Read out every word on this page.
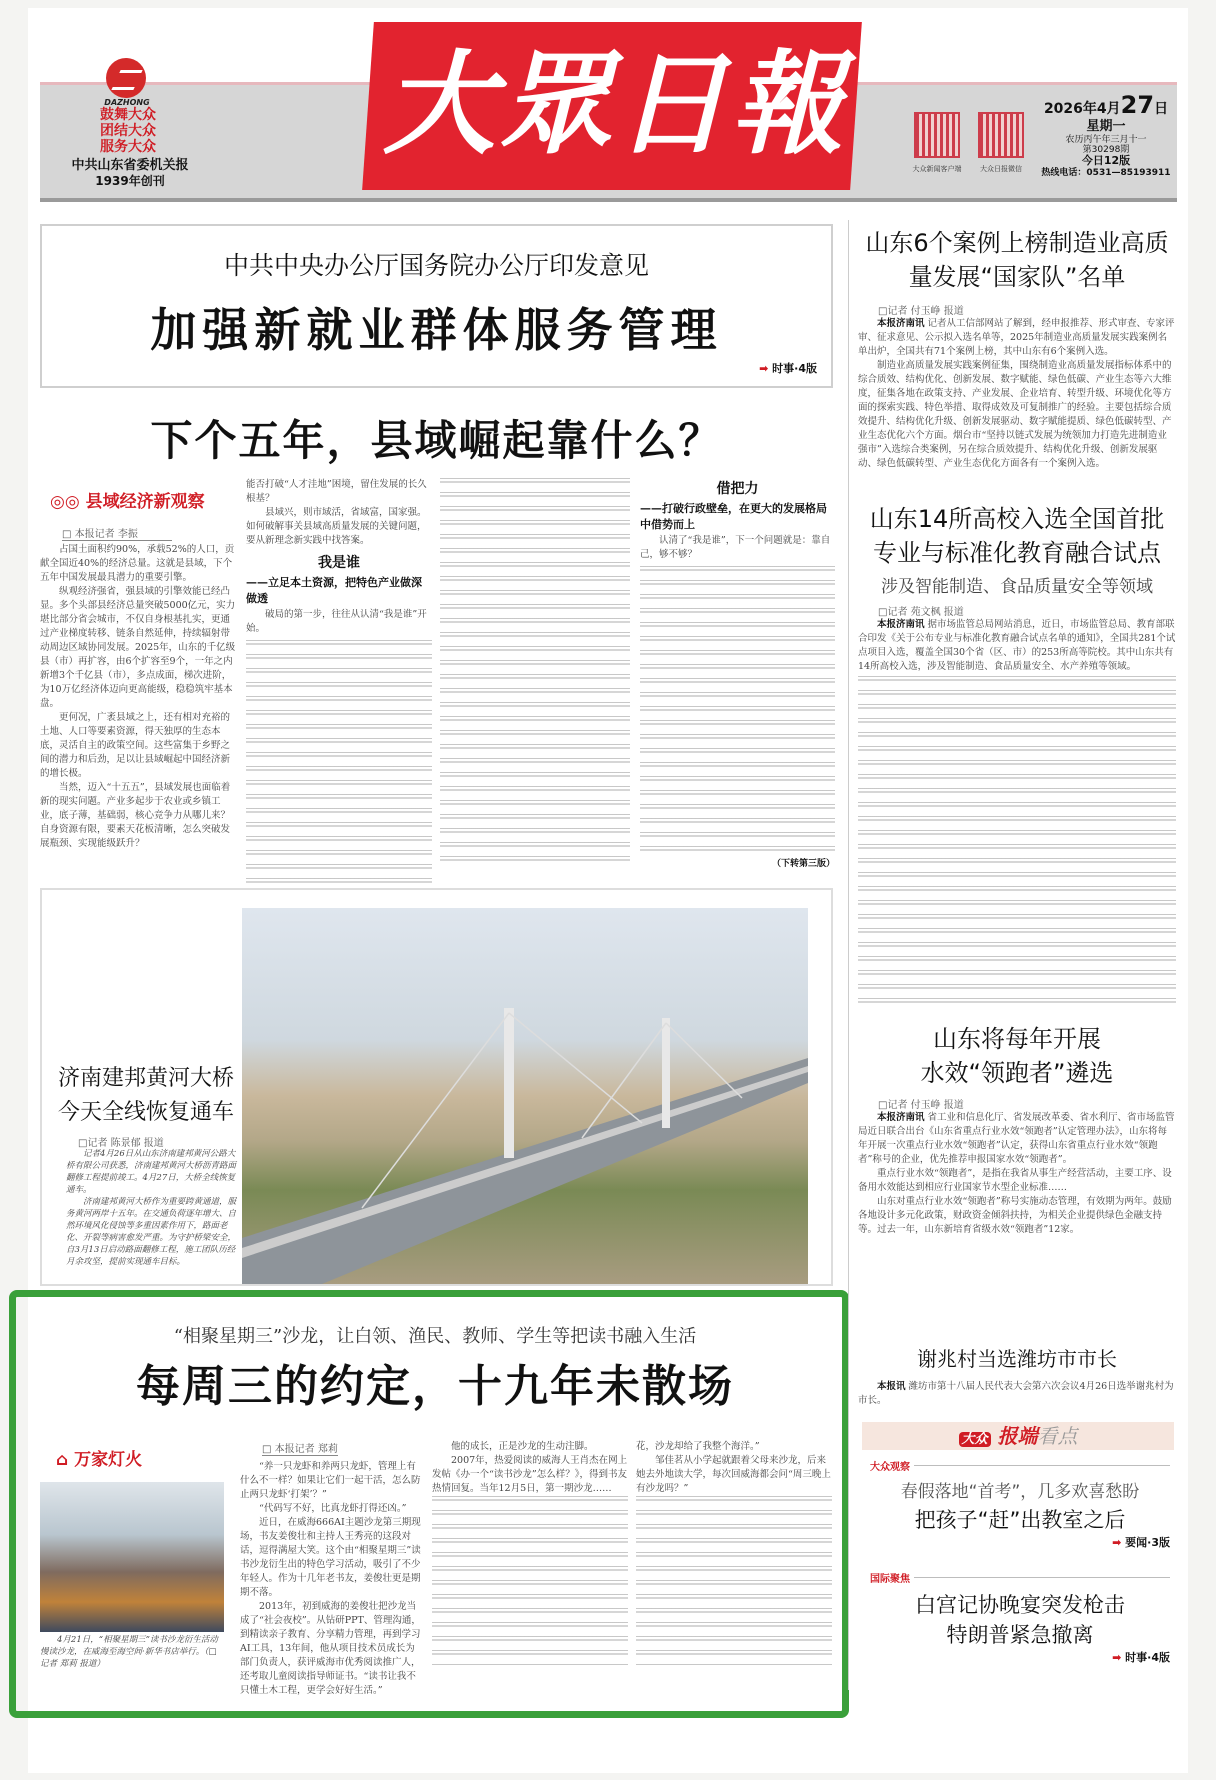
DAZHONG
鼓舞大众
团结大众
服务大众
中共山东省委机关报
1939年创刊
大眾日報	大众新闻客户端	大众日报微信
2026年4月27日
星期一
农历丙午年三月十一
第30298期
今日12版
热线电话：0531—85193911
中共中央办公厅国务院办公厅印发意见
加强新就业群体服务管理
➡ 时事·4版
下个五年，县域崛起靠什么？
◎◎ 县域经济新观察
□ 本报记者 李振

占国土面积约90%，承载52%的人口，贡献全国近40%的经济总量。这就是县域，下个五年中国发展最具潜力的重要引擎。

纵观经济强省，强县域的引擎效能已经凸显。多个头部县经济总量突破5000亿元，实力堪比部分省会城市，不仅自身根基扎实，更通过产业梯度转移、链条自然延伸，持续辐射带动周边区域协同发展。2025年，山东的千亿级县（市）再扩容，由6个扩容至9个，一年之内新增3个千亿县（市），多点成面，梯次进阶，为10万亿经济体迈向更高能级，稳稳筑牢基本盘。

更何况，广袤县域之上，还有相对充裕的土地、人口等要素资源，得天独厚的生态本底，灵活自主的政策空间。这些富集于乡野之间的潜力和后劲，足以让县域崛起中国经济新的增长极。

当然，迈入“十五五”，县域发展也面临着新的现实问题。产业多起步于农业或乡镇工业，底子薄，基础弱，核心竞争力从哪儿来？自身资源有限，要素天花板清晰，怎么突破发展瓶颈、实现能级跃升？

能否打破“人才洼地”困境，留住发展的长久根基？

县域兴，则市域活，省域富，国家强。如何破解事关县域高质量发展的关键问题，要从新理念新实践中找答案。

我是谁
——立足本土资源，把特色产业做深做透

破局的第一步，往往从认清“我是谁”开始。

借把力
——打破行政壁垒，在更大的发展格局中借势而上

认清了“我是谁”，下一个问题就是：靠自己，够不够？

（下转第三版）
济南建邦黄河大桥
今天全线恢复通车
□记者 陈景郁 报道

记者4月26日从山东济南建邦黄河公路大桥有限公司获悉，济南建邦黄河大桥沥青路面翻修工程提前竣工。4月27日，大桥全线恢复通车。

济南建邦黄河大桥作为重要跨黄通道，服务黄河两岸十五年。在交通负荷逐年增大、自然环境风化侵蚀等多重因素作用下，路面老化、开裂等病害愈发严重。为守护桥梁安全，自3月13日启动路面翻修工程，施工团队历经月余攻坚，提前实现通车目标。

“相聚星期三”沙龙，让白领、渔民、教师、学生等把读书融入生活
每周三的约定，十九年未散场
⌂ 万家灯火
4月21日，“相聚星期三”读书沙龙衍生活动慢读沙龙，在威海至海空间·新华书店举行。（□记者 郑莉 报道）
□ 本报记者 郑莉

“养一只龙虾和养两只龙虾，管理上有什么不一样？如果让它们一起干活，怎么防止两只龙虾‘打架’？”

“代码写不好，比真龙虾打得还凶。”

近日，在威海666AI主题沙龙第三期现场，书友姜俊壮和主持人王秀亮的这段对话，逗得满屋大笑。这个由“相聚星期三”读书沙龙衍生出的特色学习活动，吸引了不少年轻人。作为十几年老书友，姜俊壮更是期期不落。

2013年，初到威海的姜俊壮把沙龙当成了“社会夜校”。从钻研PPT、管理沟通，到精读亲子教育、分享精力管理，再到学习AI工具，13年间，他从项目技术员成长为部门负责人，获评威海市优秀阅读推广人，还考取儿童阅读指导师证书。“读书让我不只懂土木工程，更学会好好生活。”

他的成长，正是沙龙的生动注脚。

2007年，热爱阅读的威海人王肖杰在网上发帖《办一个“读书沙龙”怎么样？》，得到书友热情回复。当年12月5日，第一期沙龙……

花，沙龙却给了我整个海洋。”

邹佳茗从小学起就跟着父母来沙龙，后来她去外地读大学，每次回威海都会问“周三晚上有沙龙吗？”

山东6个案例上榜制造业高质量发展“国家队”名单
□记者 付玉峥 报道

本报济南讯 记者从工信部网站了解到，经申报推荐、形式审查、专家评审、征求意见、公示拟入选名单等，2025年制造业高质量发展实践案例名单出炉，全国共有71个案例上榜，其中山东有6个案例入选。

制造业高质量发展实践案例征集，围绕制造业高质量发展指标体系中的综合质效、结构优化、创新发展、数字赋能、绿色低碳、产业生态等六大维度，征集各地在政策支持、产业发展、企业培育、转型升级、环境优化等方面的探索实践、特色举措、取得成效及可复制推广的经验。主要包括综合质效提升、结构优化升级、创新发展驱动、数字赋能提质、绿色低碳转型、产业生态优化六个方面。烟台市“坚持以链式发展为统领加力打造先进制造业强市”入选综合类案例，另在综合质效提升、结构优化升级、创新发展驱动、绿色低碳转型、产业生态优化方面各有一个案例入选。

山东14所高校入选全国首批专业与标准化教育融合试点
涉及智能制造、食品质量安全等领域
□记者 苑文枫 报道

本报济南讯 据市场监管总局网站消息，近日，市场监管总局、教育部联合印发《关于公布专业与标准化教育融合试点名单的通知》，全国共281个试点项目入选，覆盖全国30个省（区、市）的253所高等院校。其中山东共有14所高校入选，涉及智能制造、食品质量安全、水产养殖等领域。

山东将每年开展
水效“领跑者”遴选
□记者 付玉峥 报道

本报济南讯 省工业和信息化厅、省发展改革委、省水利厅、省市场监管局近日联合出台《山东省重点行业水效“领跑者”认定管理办法》，山东将每年开展一次重点行业水效“领跑者”认定，获得山东省重点行业水效“领跑者”称号的企业，优先推荐申报国家水效“领跑者”。

重点行业水效“领跑者”，是指在我省从事生产经营活动，主要工序、设备用水效能达到相应行业国家节水型企业标准……

山东对重点行业水效“领跑者”称号实施动态管理，有效期为两年。鼓励各地设计多元化政策，财政资金倾斜扶持，为相关企业提供绿色金融支持等。过去一年，山东新培育省级水效“领跑者”12家。

谢兆村当选潍坊市市长

本报讯 潍坊市第十八届人民代表大会第六次会议4月26日选举谢兆村为市长。

大众 报端看点
大众观察
春假落地“首考”，几多欢喜愁盼
把孩子“赶”出教室之后
➡ 要闻·3版
国际聚焦
白宫记协晚宴突发枪击
特朗普紧急撤离
➡ 时事·4版
